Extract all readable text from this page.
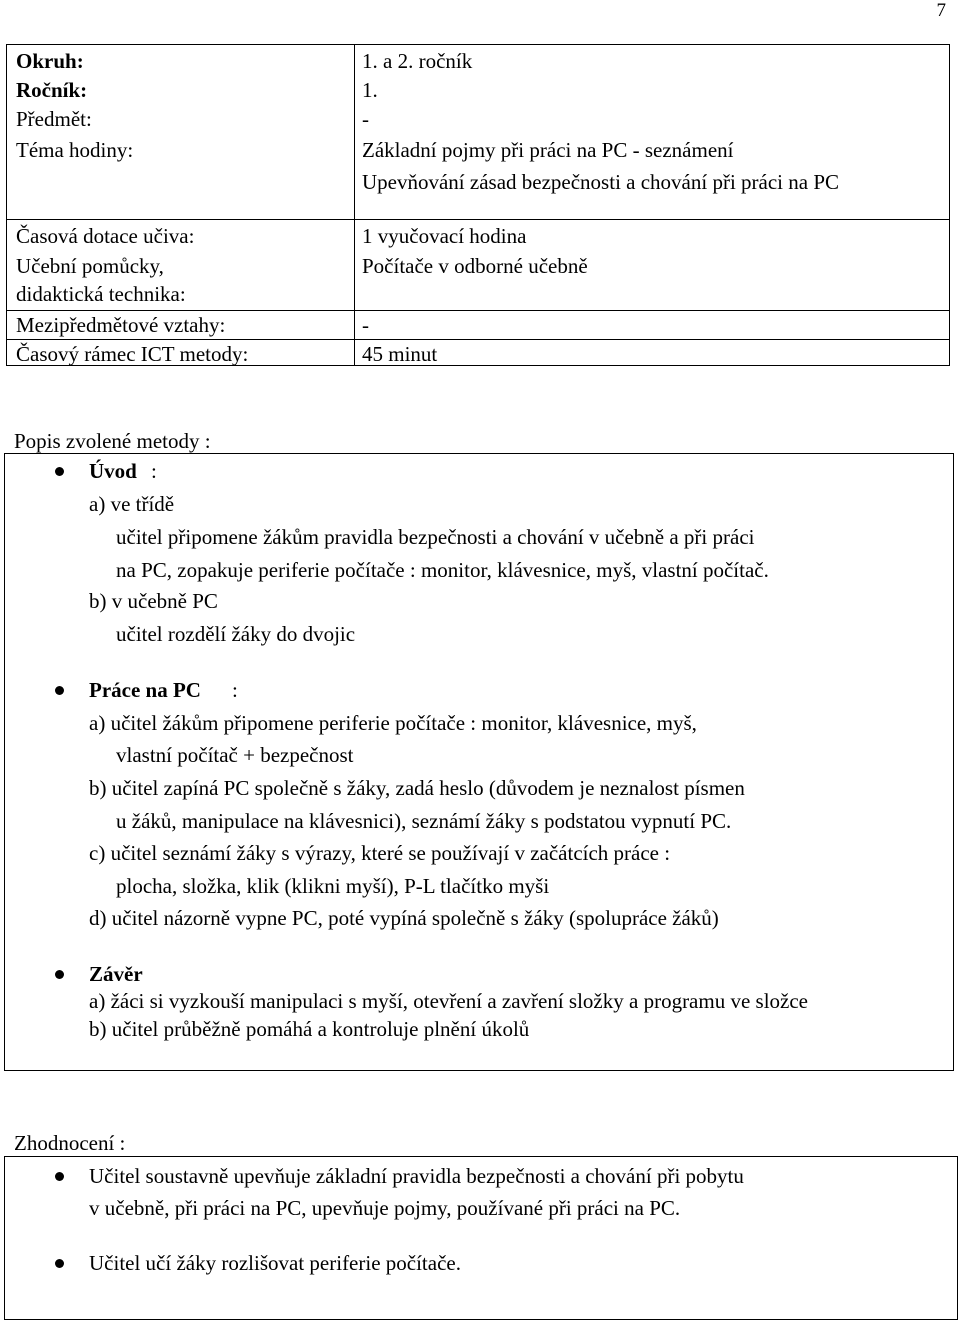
7
Okruh:	1. a 2. ročník
Ročník:	1.
Předmět:	-
Téma hodiny:	Základní pojmy při práci na PC - seznámení
Upevňování zásad bezpečnosti a chování při práci na PC
Časová dotace učiva:	1 vyučovací hodina
Učební pomůcky,
didaktická technika:
Počítače v odborné učebně
Mezipředmětové vztahy:	-
Časový rámec ICT metody:	45 minut
Popis zvolené metody :
Úvod :
a) ve třídě
učitel připomene žákům pravidla bezpečnosti a chování v učebně a při práci
na PC, zopakuje periferie počítače : monitor, klávesnice, myš, vlastní počítač.
b) v učebně PC
učitel rozdělí žáky do dvojic
Práce na PC :
a) učitel žákům připomene periferie počítače : monitor, klávesnice, myš,
vlastní počítač + bezpečnost
b) učitel zapíná PC společně s žáky, zadá heslo (důvodem je neznalost písmen
u žáků, manipulace na klávesnici), seznámí žáky s podstatou vypnutí PC.
c) učitel seznámí žáky s výrazy, které se používají v začátcích práce :
plocha, složka, klik (klikni myší), P-L tlačítko myši
d) učitel názorně vypne PC, poté vypíná společně s žáky (spolupráce žáků)
Závěr
a) žáci si vyzkouší manipulaci s myší, otevření a zavření složky a programu ve složce
b) učitel průběžně pomáhá a kontroluje plnění úkolů
Zhodnocení :
Učitel soustavně upevňuje základní pravidla bezpečnosti a chování při pobytu
v učebně, při práci na PC, upevňuje pojmy, používané při práci na PC.
Učitel učí žáky rozlišovat periferie počítače.
